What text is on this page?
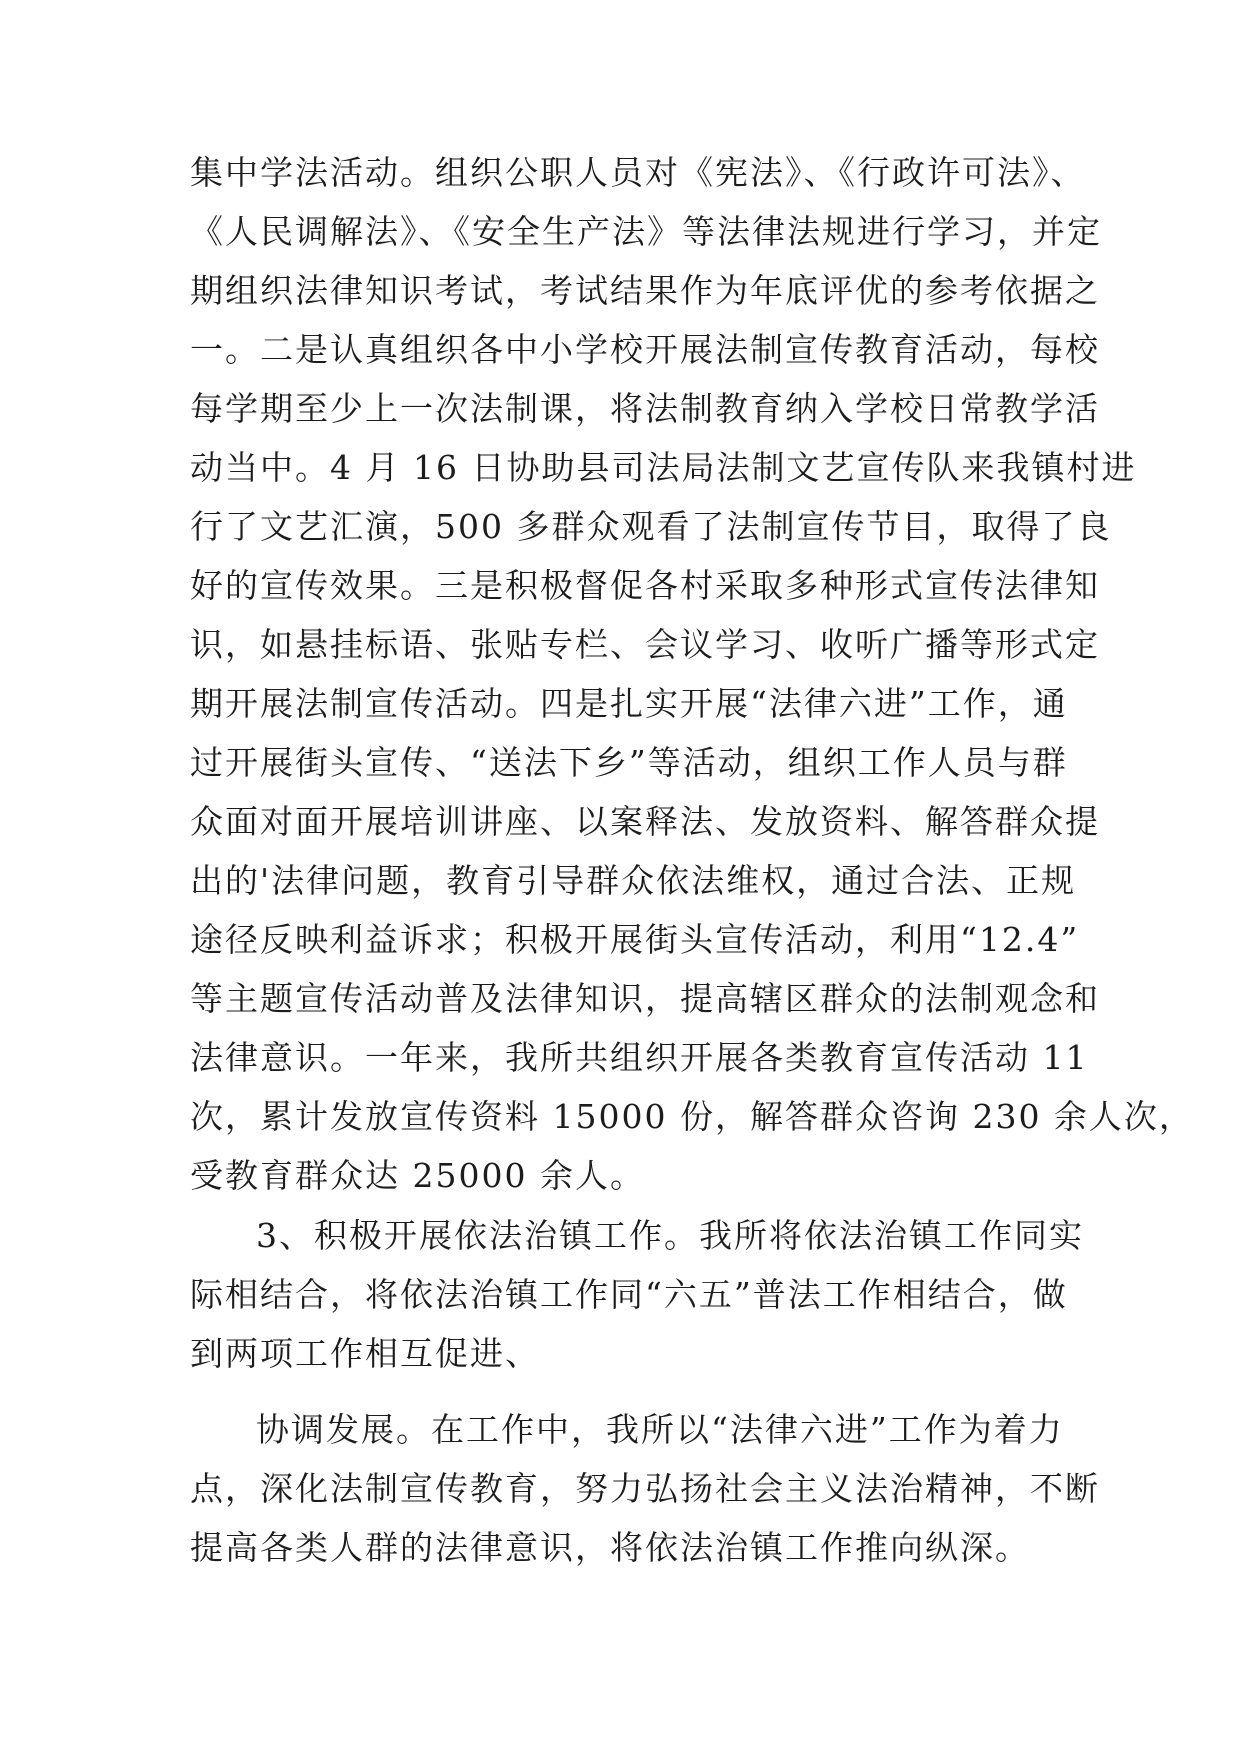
集中学法活动。组织公职人员对《宪法》、《行政许可法》、
《人民调解法》、《安全生产法》等法律法规进行学习，并定
期组织法律知识考试，考试结果作为年底评优的参考依据之
一。二是认真组织各中小学校开展法制宣传教育活动，每校
每学期至少上一次法制课，将法制教育纳入学校日常教学活
动当中。4 月 16 日协助县司法局法制文艺宣传队来我镇村进
行了文艺汇演，500 多群众观看了法制宣传节目，取得了良
好的宣传效果。三是积极督促各村采取多种形式宣传法律知
识，如悬挂标语、张贴专栏、会议学习、收听广播等形式定
期开展法制宣传活动。四是扎实开展“法律六进”工作，通
过开展街头宣传、“送法下乡”等活动，组织工作人员与群
众面对面开展培训讲座、以案释法、发放资料、解答群众提
出的'法律问题，教育引导群众依法维权，通过合法、正规
途径反映利益诉求；积极开展街头宣传活动，利用“12.4”
等主题宣传活动普及法律知识，提高辖区群众的法制观念和
法律意识。一年来，我所共组织开展各类教育宣传活动 11
次，累计发放宣传资料 15000 份，解答群众咨询 230 余人次，
受教育群众达 25000 余人。
3、积极开展依法治镇工作。我所将依法治镇工作同实
际相结合，将依法治镇工作同“六五”普法工作相结合，做
到两项工作相互促进、
协调发展。在工作中，我所以“法律六进”工作为着力
点，深化法制宣传教育，努力弘扬社会主义法治精神，不断
提高各类人群的法律意识，将依法治镇工作推向纵深。
